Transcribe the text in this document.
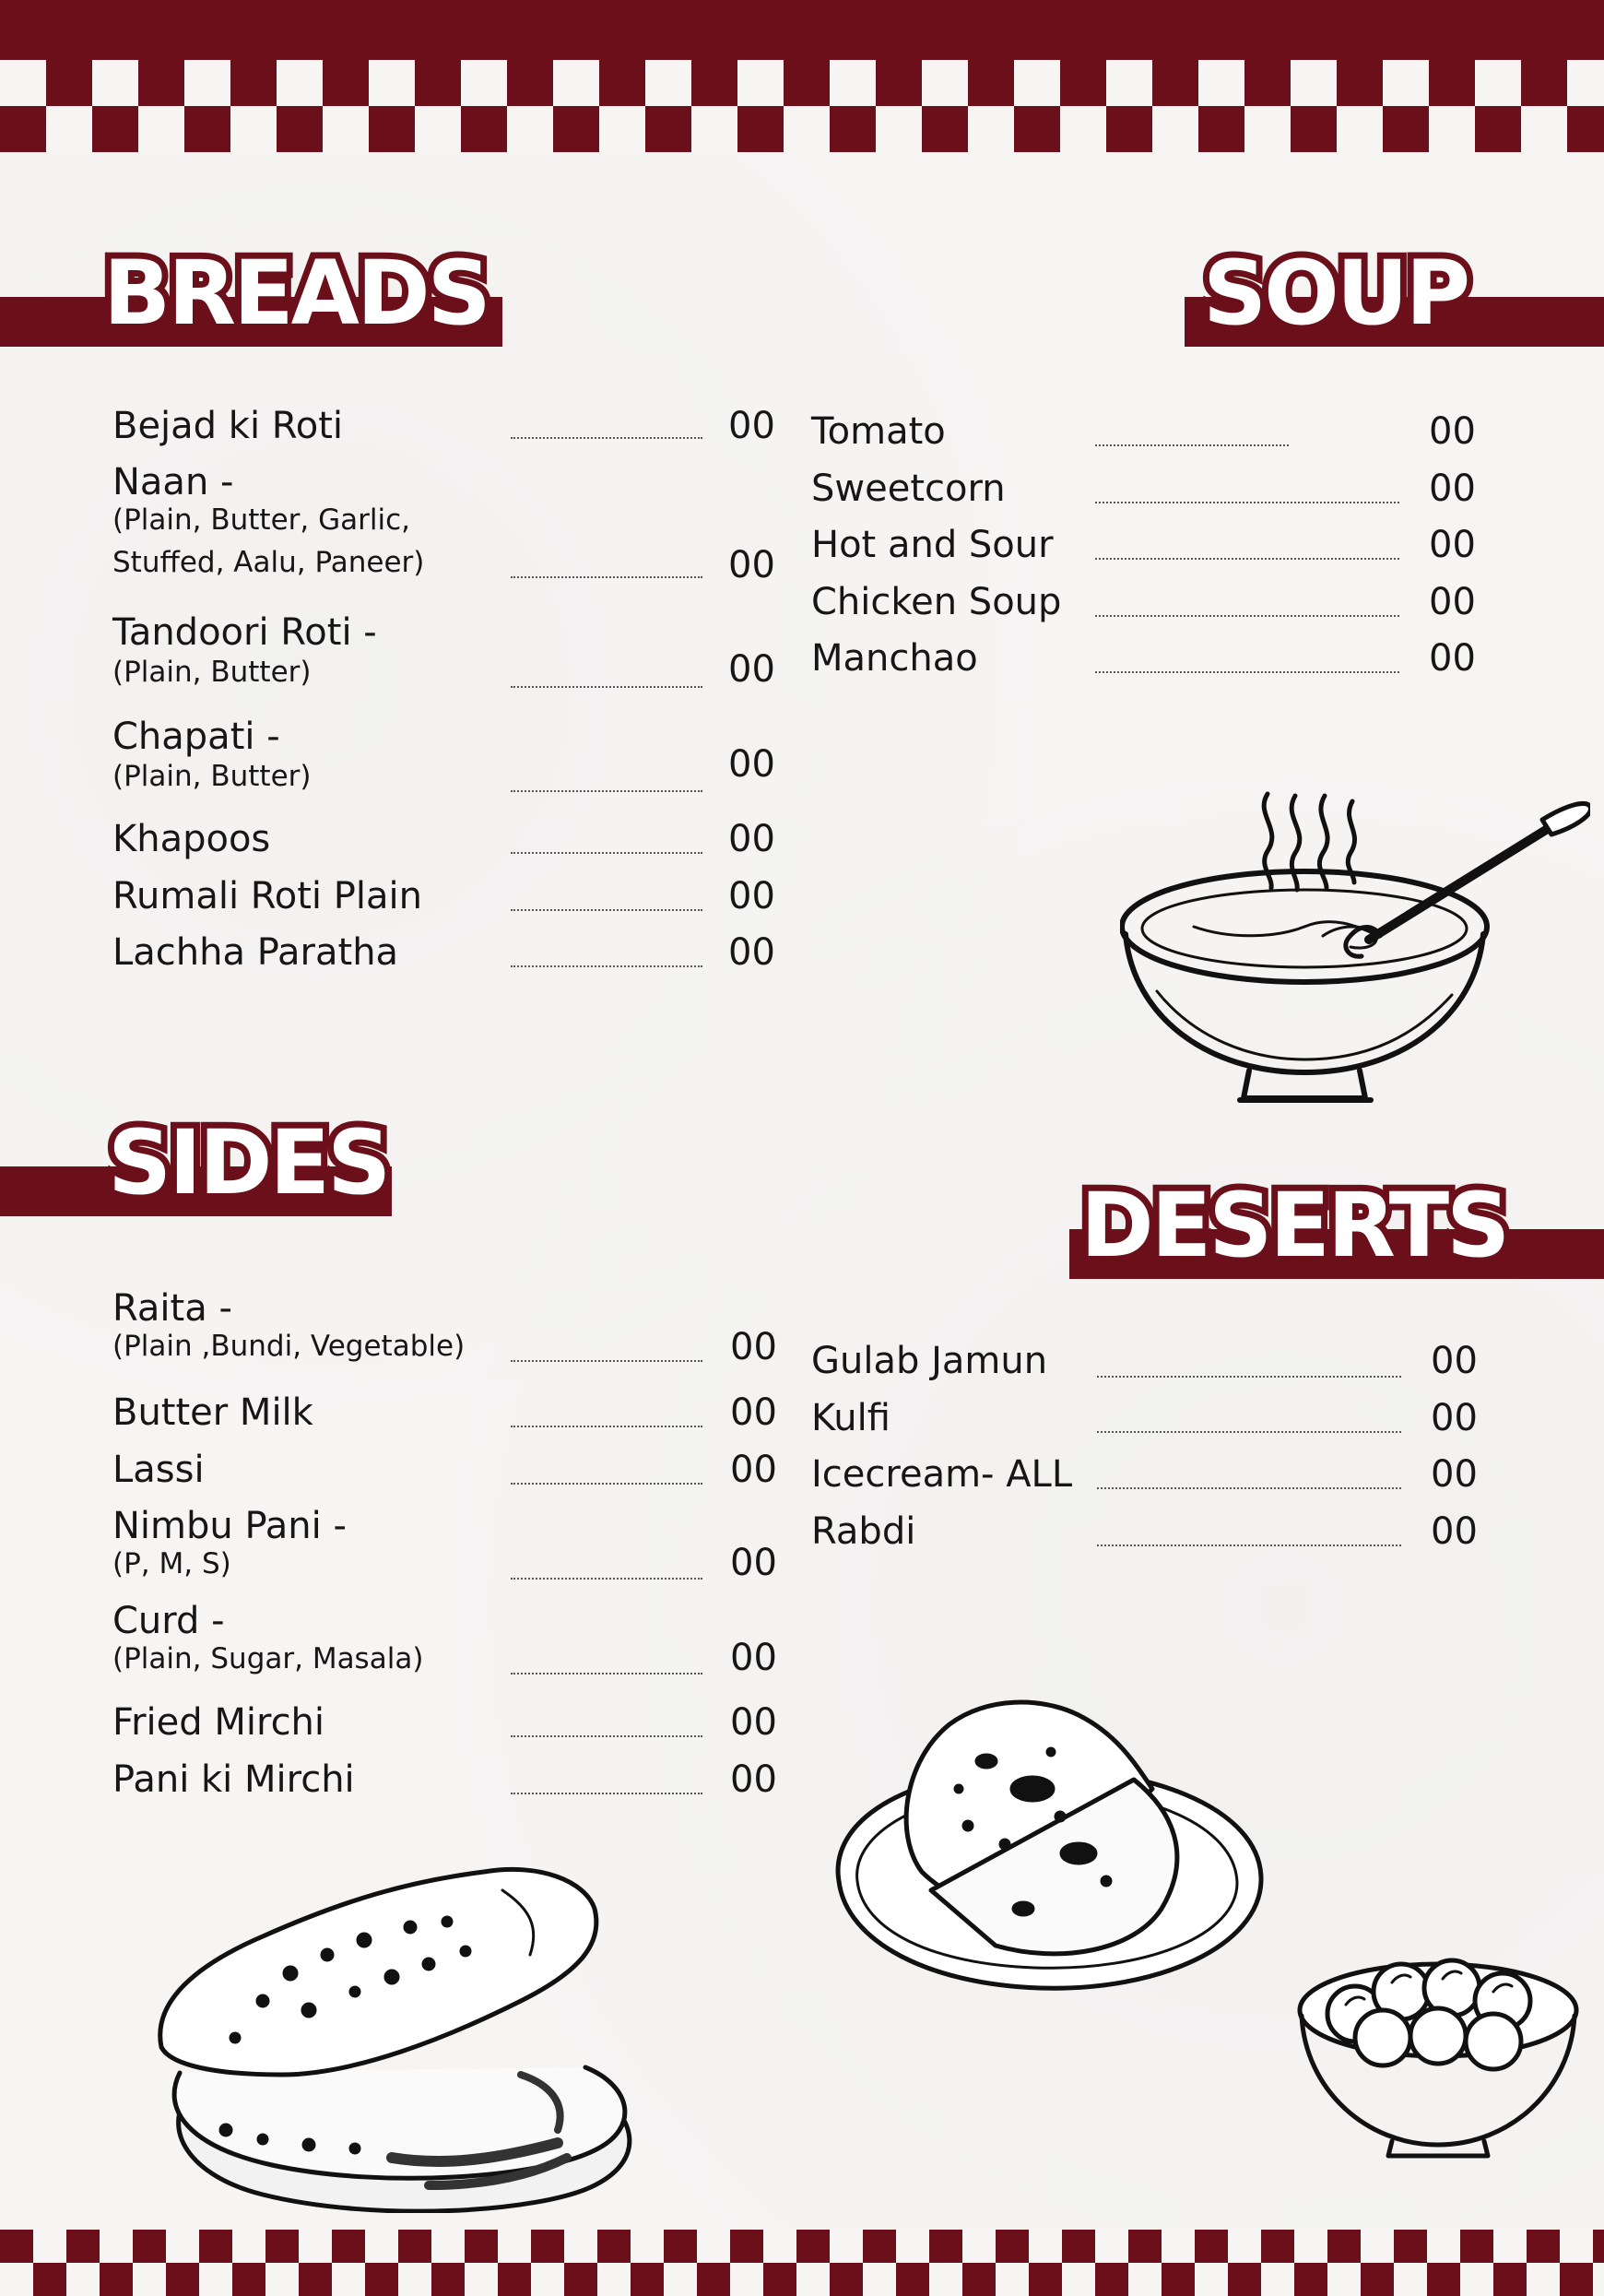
BREADS	SOUP
SIDES
DESERTS
Bejad ki Roti	00
Naan -
(Plain, Butter, Garlic,
Stuffed, Aalu, Paneer)	00
Tandoori Roti -
(Plain, Butter)	00
Chapati -
(Plain, Butter)	00
Khapoos	00
Rumali Roti Plain	00
Lachha Paratha	00
Tomato	00
Sweetcorn	00
Hot and Sour	00
Chicken Soup	00
Manchao	00
Raita -
(Plain ,Bundi, Vegetable)	00
Butter Milk	00
Lassi	00
Nimbu Pani -
(P, M, S)	00
Curd -
(Plain, Sugar, Masala)	00
Fried Mirchi	00
Pani ki Mirchi	00
Gulab Jamun	00
Kulfi	00
Icecream- ALL	00
Rabdi	00
